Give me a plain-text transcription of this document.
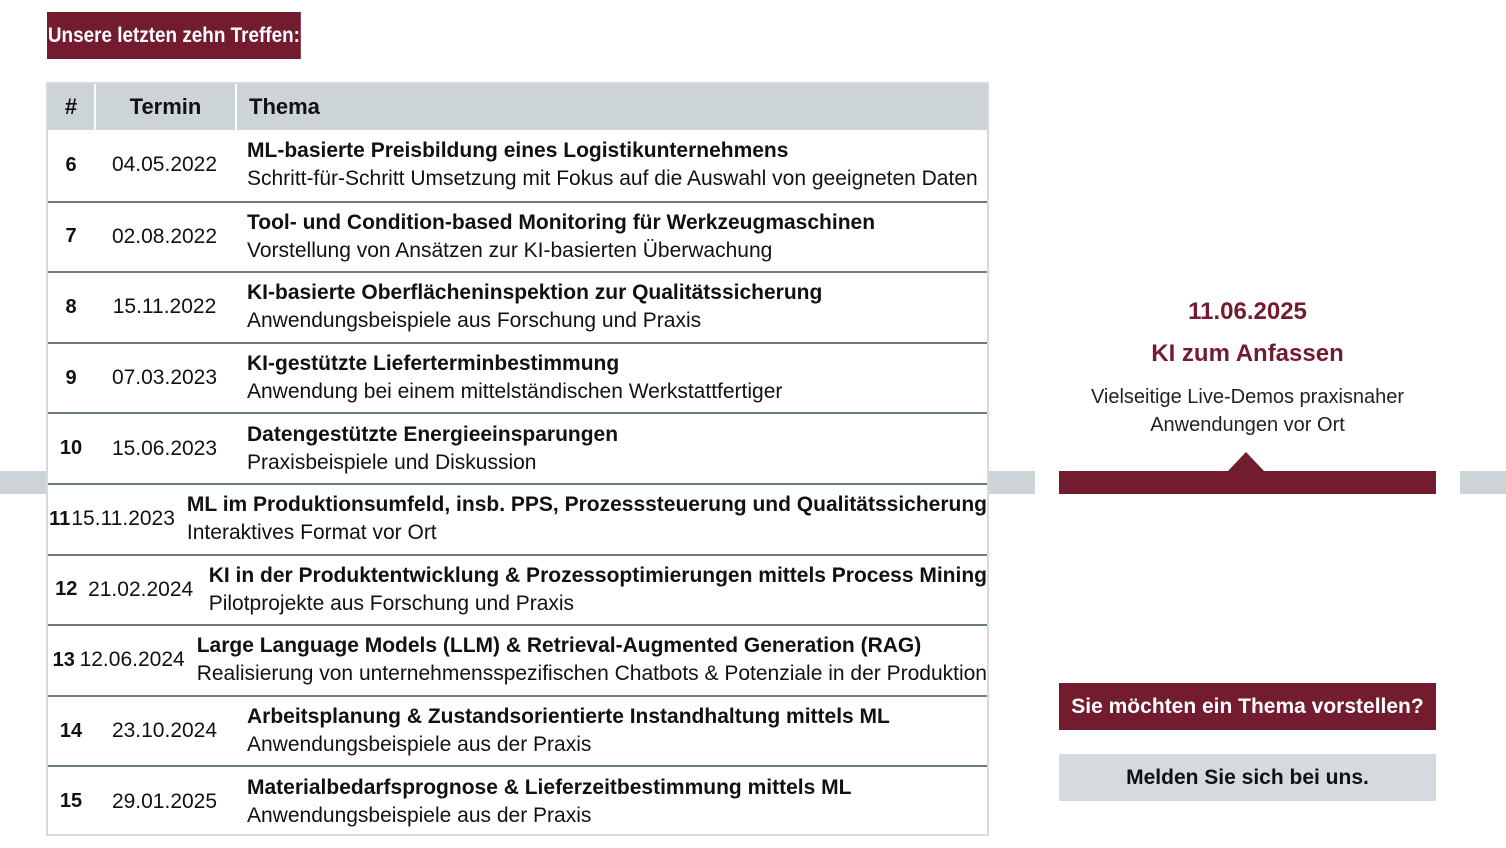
Unsere letzten zehn Treffen:
#	Termin	Thema
6	04.05.2022
ML-basierte Preisbildung eines Logistikunternehmens
Schritt-für-Schritt Umsetzung mit Fokus auf die Auswahl von geeigneten Daten
7	02.08.2022
Tool- und Condition-based Monitoring für Werkzeugmaschinen
Vorstellung von Ansätzen zur KI-basierten Überwachung
8	15.11.2022
KI-basierte Oberflächeninspektion zur Qualitätssicherung
Anwendungsbeispiele aus Forschung und Praxis
9	07.03.2023
KI-gestützte Lieferterminbestimmung
Anwendung bei einem mittelständischen Werkstattfertiger
10	15.06.2023
Datengestützte Energieeinsparungen
Praxisbeispiele und Diskussion
11 15.11.2023
ML im Produktionsumfeld, insb. PPS, Prozesssteuerung und Qualitätssicherung
Interaktives Format vor Ort
12 21.02.2024
KI in der Produktentwicklung & Prozessoptimierungen mittels Process Mining
Pilotprojekte aus Forschung und Praxis
13 12.06.2024
Large Language Models (LLM) & Retrieval-Augmented Generation (RAG)
Realisierung von unternehmensspezifischen Chatbots & Potenziale in der Produktion
14	23.10.2024
Arbeitsplanung & Zustandsorientierte Instandhaltung mittels ML
Anwendungsbeispiele aus der Praxis
15	29.01.2025
Materialbedarfsprognose & Lieferzeitbestimmung mittels ML
Anwendungsbeispiele aus der Praxis
11.06.2025
KI zum Anfassen
Vielseitige Live-Demos praxisnaher
Anwendungen vor Ort
Sie möchten ein Thema vorstellen?
Melden Sie sich bei uns.
